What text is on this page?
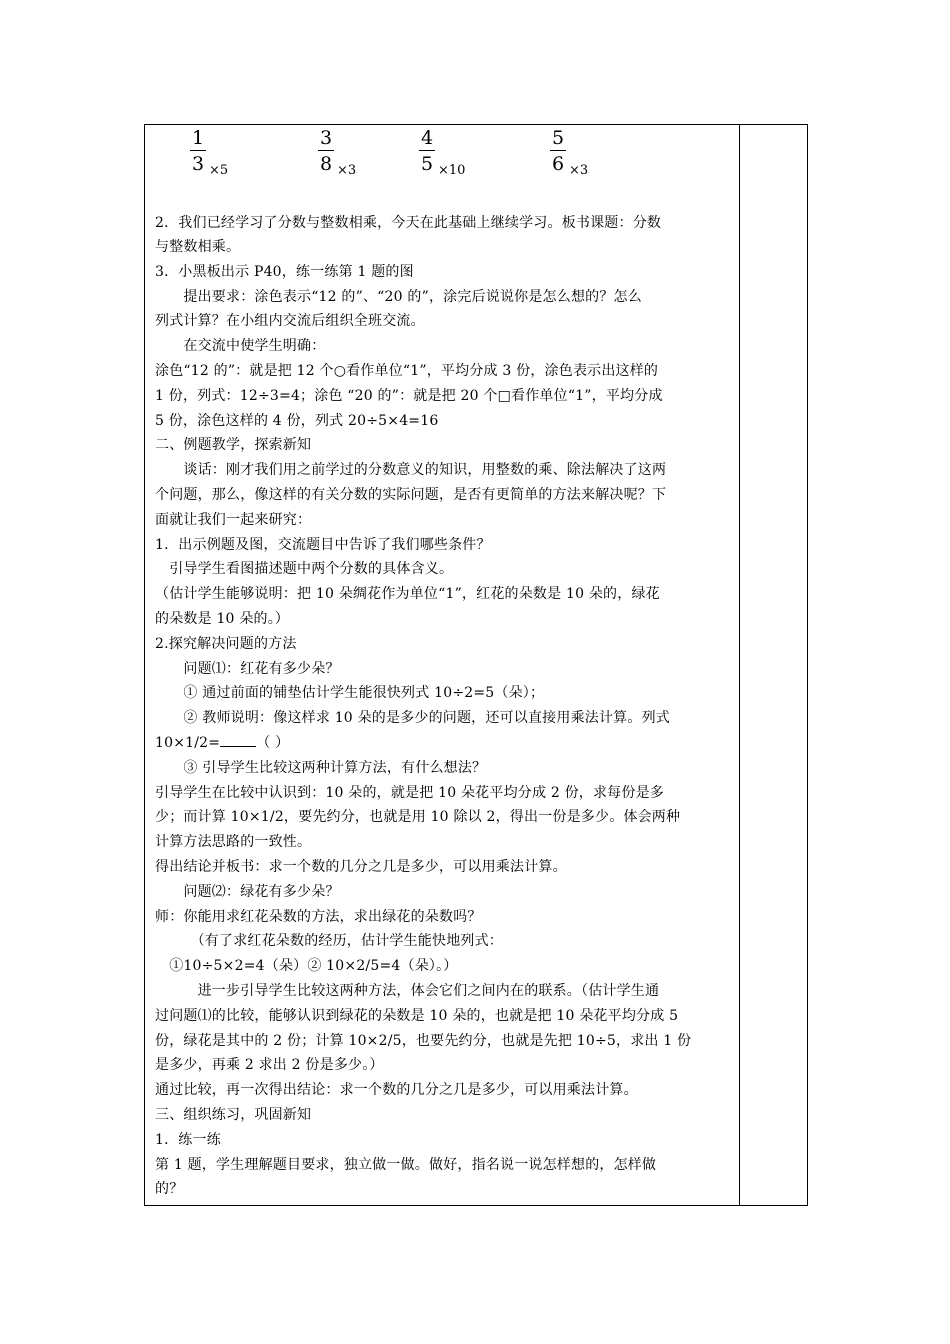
1
3 ×5
3
8 ×3
4
5 ×10
5
6 ×3
2．我们已经学习了分数与整数相乘，今天在此基础上继续学习。板书课题：分数
与整数相乘。
3．小黑板出示 P40，练一练第 1 题的图
　　提出要求：涂色表示“12 的”、“20 的”，涂完后说说你是怎么想的？怎么
列式计算？在小组内交流后组织全班交流。
　　在交流中使学生明确：
涂色“12 的”：就是把 12 个○看作单位“1”，平均分成 3 份，涂色表示出这样的
1 份，列式：12÷3=4；涂色 “20 的”：就是把 20 个□看作单位“1”，平均分成
5 份，涂色这样的 4 份，列式 20÷5×4=16
二、例题教学，探索新知
　　谈话：刚才我们用之前学过的分数意义的知识，用整数的乘、除法解决了这两
个问题，那么，像这样的有关分数的实际问题，是否有更简单的方法来解决呢？下
面就让我们一起来研究：
1．出示例题及图，交流题目中告诉了我们哪些条件？
　引导学生看图描述题中两个分数的具体含义。
（估计学生能够说明：把 10 朵绸花作为单位“1”，红花的朵数是 10 朵的，绿花
的朵数是 10 朵的。）
2.探究解决问题的方法
　　问题⑴：红花有多少朵？
　　① 通过前面的铺垫估计学生能很快列式 10÷2=5（朵）；
　　② 教师说明：像这样求 10 朵的是多少的问题，还可以直接用乘法计算。列式
10×1/2=	（ ）
　　③ 引导学生比较这两种计算方法，有什么想法？
引导学生在比较中认识到：10 朵的，就是把 10 朵花平均分成 2 份，求每份是多
少；而计算 10×1/2，要先约分，也就是用 10 除以 2，得出一份是多少。体会两种
计算方法思路的一致性。
得出结论并板书：求一个数的几分之几是多少，可以用乘法计算。
　　问题⑵：绿花有多少朵？
师：你能用求红花朵数的方法，求出绿花的朵数吗？
　　　（有了求红花朵数的经历，估计学生能快地列式：
　①10÷5×2=4（朵）② 10×2/5=4（朵）。）
　　　进一步引导学生比较这两种方法，体会它们之间内在的联系。（估计学生通
过问题⑴的比较，能够认识到绿花的朵数是 10 朵的，也就是把 10 朵花平均分成 5
份，绿花是其中的 2 份；计算 10×2/5，也要先约分，也就是先把 10÷5，求出 1 份
是多少，再乘 2 求出 2 份是多少。）
通过比较，再一次得出结论：求一个数的几分之几是多少，可以用乘法计算。
三、组织练习，巩固新知
1．练一练
第 1 题，学生理解题目要求，独立做一做。做好，指名说一说怎样想的，怎样做
的？
